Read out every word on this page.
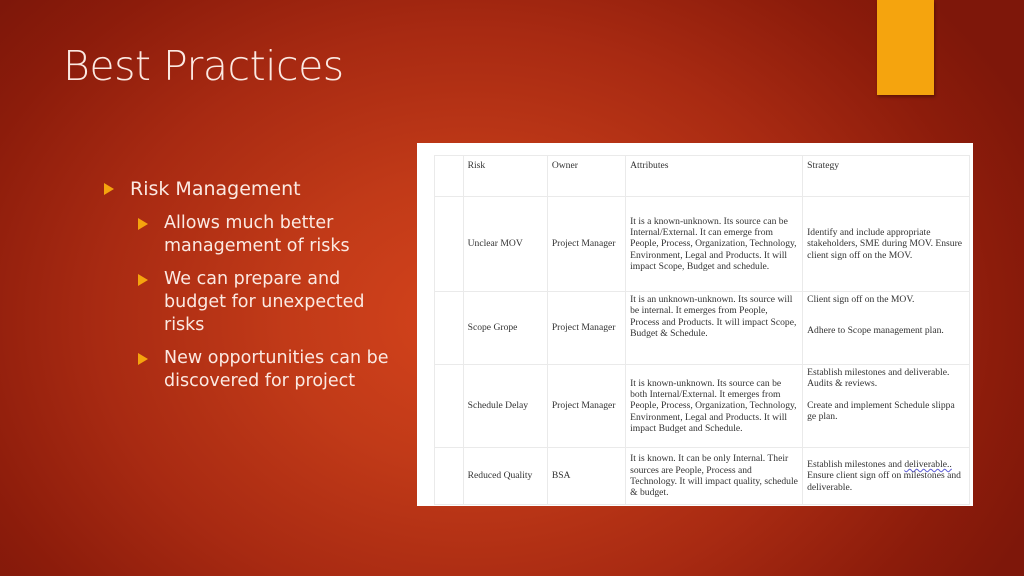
Best Practices
Risk Management
Allows much better management of risks
We can prepare and budget for unexpected risks
New opportunities can be discovered for project
	Risk	Owner	Attributes	Strategy
	Unclear MOV	Project Manager	It is a known-unknown. Its source can be Internal/External. It can emerge from People, Process, Organization, Technology, Environment, Legal and Products. It will impact Scope, Budget and schedule.	Identify and include appropriate stakeholders, SME during MOV. Ensure client sign off on the MOV.
	Scope Grope	Project Manager	It is an unknown-unknown. Its source will be internal. It emerges from People, Process and Products. It will impact Scope, Budget & Schedule.	Client sign off on the MOV.
Adhere to Scope management plan.

	Schedule Delay	Project Manager	It is known-unknown. Its source can be both Internal/External. It emerges from People, Process, Organization, Technology, Environment, Legal and Products. It will impact Budget and Schedule.	Establish milestones and deliverable. Audits & reviews.
Create and implement Schedule slippa ge plan.

	Reduced Quality	BSA	It is known. It can be only Internal. Their sources are People, Process and Technology. It will impact quality, schedule & budget.	Establish milestones and deliverable.. Ensure client sign off on milestones and deliverable.
